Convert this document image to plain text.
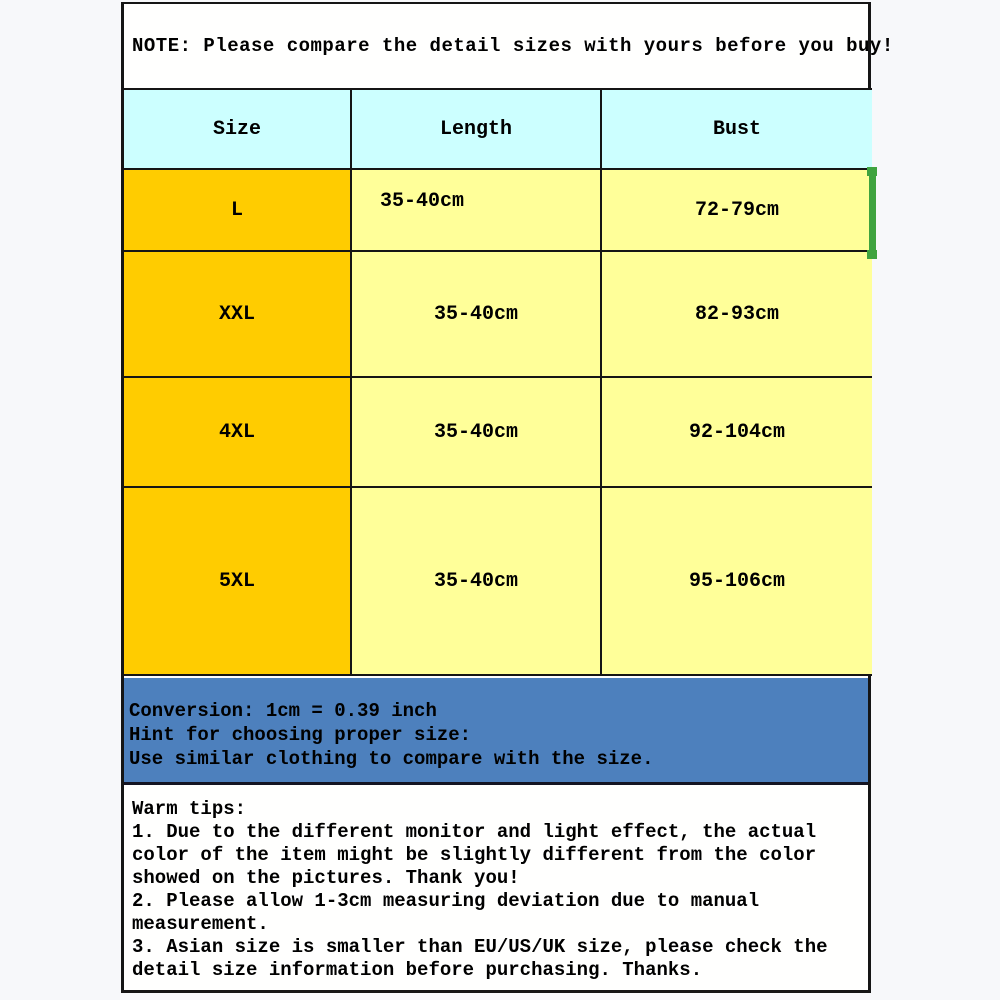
NOTE: Please compare the detail sizes with yours before you buy!
Size	Length	Bust
L	35-40cm	72-79cm
XXL	35-40cm	82-93cm
4XL	35-40cm	92-104cm
5XL	35-40cm	95-106cm
Conversion: 1cm = 0.39 inch
Hint for choosing proper size:
Use similar clothing to compare with the size.
Warm tips:
1. Due to the different monitor and light effect, the actual
color of the item might be slightly different from the color
showed on the pictures. Thank you!
2. Please allow 1-3cm measuring deviation due to manual
measurement.
3. Asian size is smaller than EU/US/UK size, please check the
detail size information before purchasing. Thanks.
